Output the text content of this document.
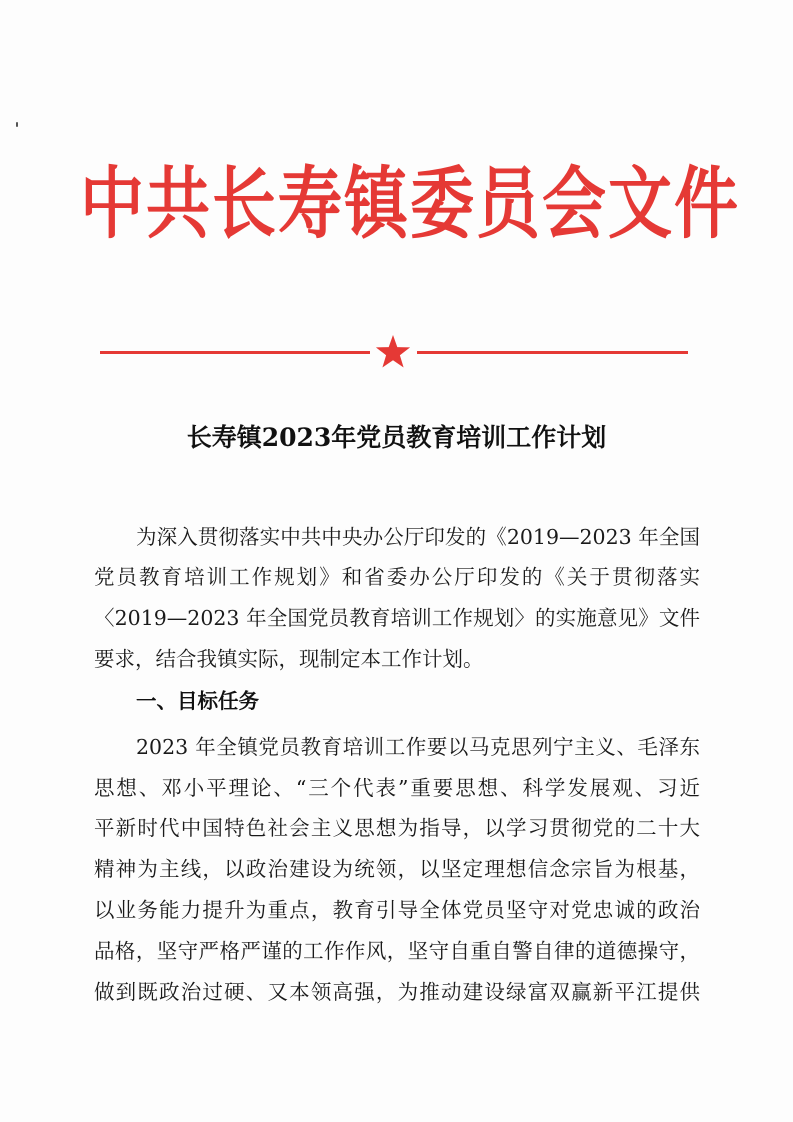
中共长寿镇委员会文件
长寿镇2023年党员教育培训工作计划

为深入贯彻落实中共中央办公厅印发的《2019—2023 年全国

党员教育培训工作规划》和省委办公厅印发的《关于贯彻落实

〈2019—2023 年全国党员教育培训工作规划〉的实施意见》文件

要求，结合我镇实际，现制定本工作计划。

一、目标任务

2023 年全镇党员教育培训工作要以马克思列宁主义、毛泽东

思想、邓小平理论、“三个代表”重要思想、科学发展观、习近

平新时代中国特色社会主义思想为指导，以学习贯彻党的二十大

精神为主线，以政治建设为统领，以坚定理想信念宗旨为根基，

以业务能力提升为重点，教育引导全体党员坚守对党忠诚的政治

品格，坚守严格严谨的工作作风，坚守自重自警自律的道德操守，

做到既政治过硬、又本领高强，为推动建设绿富双赢新平江提供
